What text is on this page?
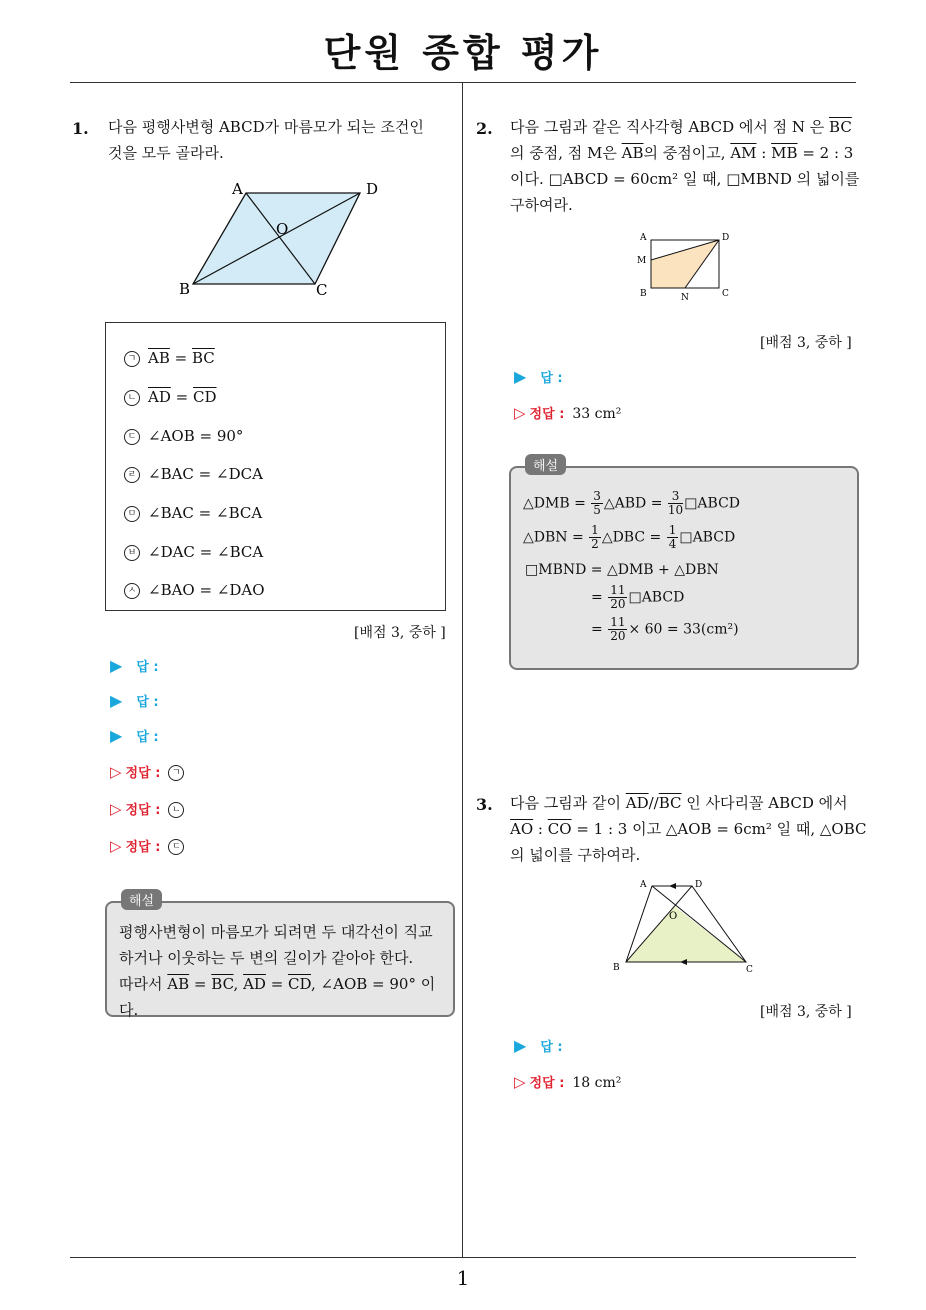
단원 종합 평가
1
1. 다음 평행사변형 ABCD가 마름모가 되는 조건인
것을 모두 골라라.
A	D
O
B	C
ㄱ $\overline{AB} = \overline{BC}$
ㄴ $\overline{AD} = \overline{CD}$
ㄷ ∠AOB = 90°
ㄹ ∠BAC = ∠DCA
ㅁ ∠BAC = ∠BCA
ㅂ ∠DAC = ∠BCA
ㅅ ∠BAO = ∠DAO
[배점 3, 중하 ]
▶ 답 :
▶ 답 :
▶ 답 :
▷ 정답 : ㄱ
▷ 정답 : ㄴ
▷ 정답 : ㄷ
해설
평행사변형이 마름모가 되려면 두 대각선이 직교
하거나 이웃하는 두 변의 길이가 같아야 한다.
따라서 $\overline{AB} = \overline{BC}$, $\overline{AD} = \overline{CD}$, ∠AOB = 90° 이다.
2. 다음 그림과 같은 직사각형 ABCD 에서 점 N 은 $\overline{BC}$
의 중점, 점 M은 $\overline{AB}$의 중점이고, $\overline{AM}$ : $\overline{MB} = 2$ : 3
이다. □ABCD = 60cm² 일 때, □MBND 의 넓이를
구하여라.
A	D
M
B	N	C
[배점 3, 중하 ]
▶ 답 :
▷ 정답 : 33 cm²
해설
△DMB = $\frac{3}{5}$ △ABD = $\frac{3}{10}$ □ABCD
△DBN = $\frac{1}{2}$ △DBC = $\frac{1}{4}$ □ABCD
□MBND = △DMB + △DBN
= $\frac{11}{20}$ □ABCD
= $\frac{11}{20} \times 60 = 33(cm^2)$
3. 다음 그림과 같이 $\overline{AD}//\overline{BC}$ 인 사다리꼴 ABCD 에서
$\overline{AO}$ : $\overline{CO} = 1$ : 3 이고 △AOB = 6cm² 일 때, △OBC
의 넓이를 구하여라.
A	D
O
B	C
[배점 3, 중하 ]
▶ 답 :
▷ 정답 : 18 cm²
